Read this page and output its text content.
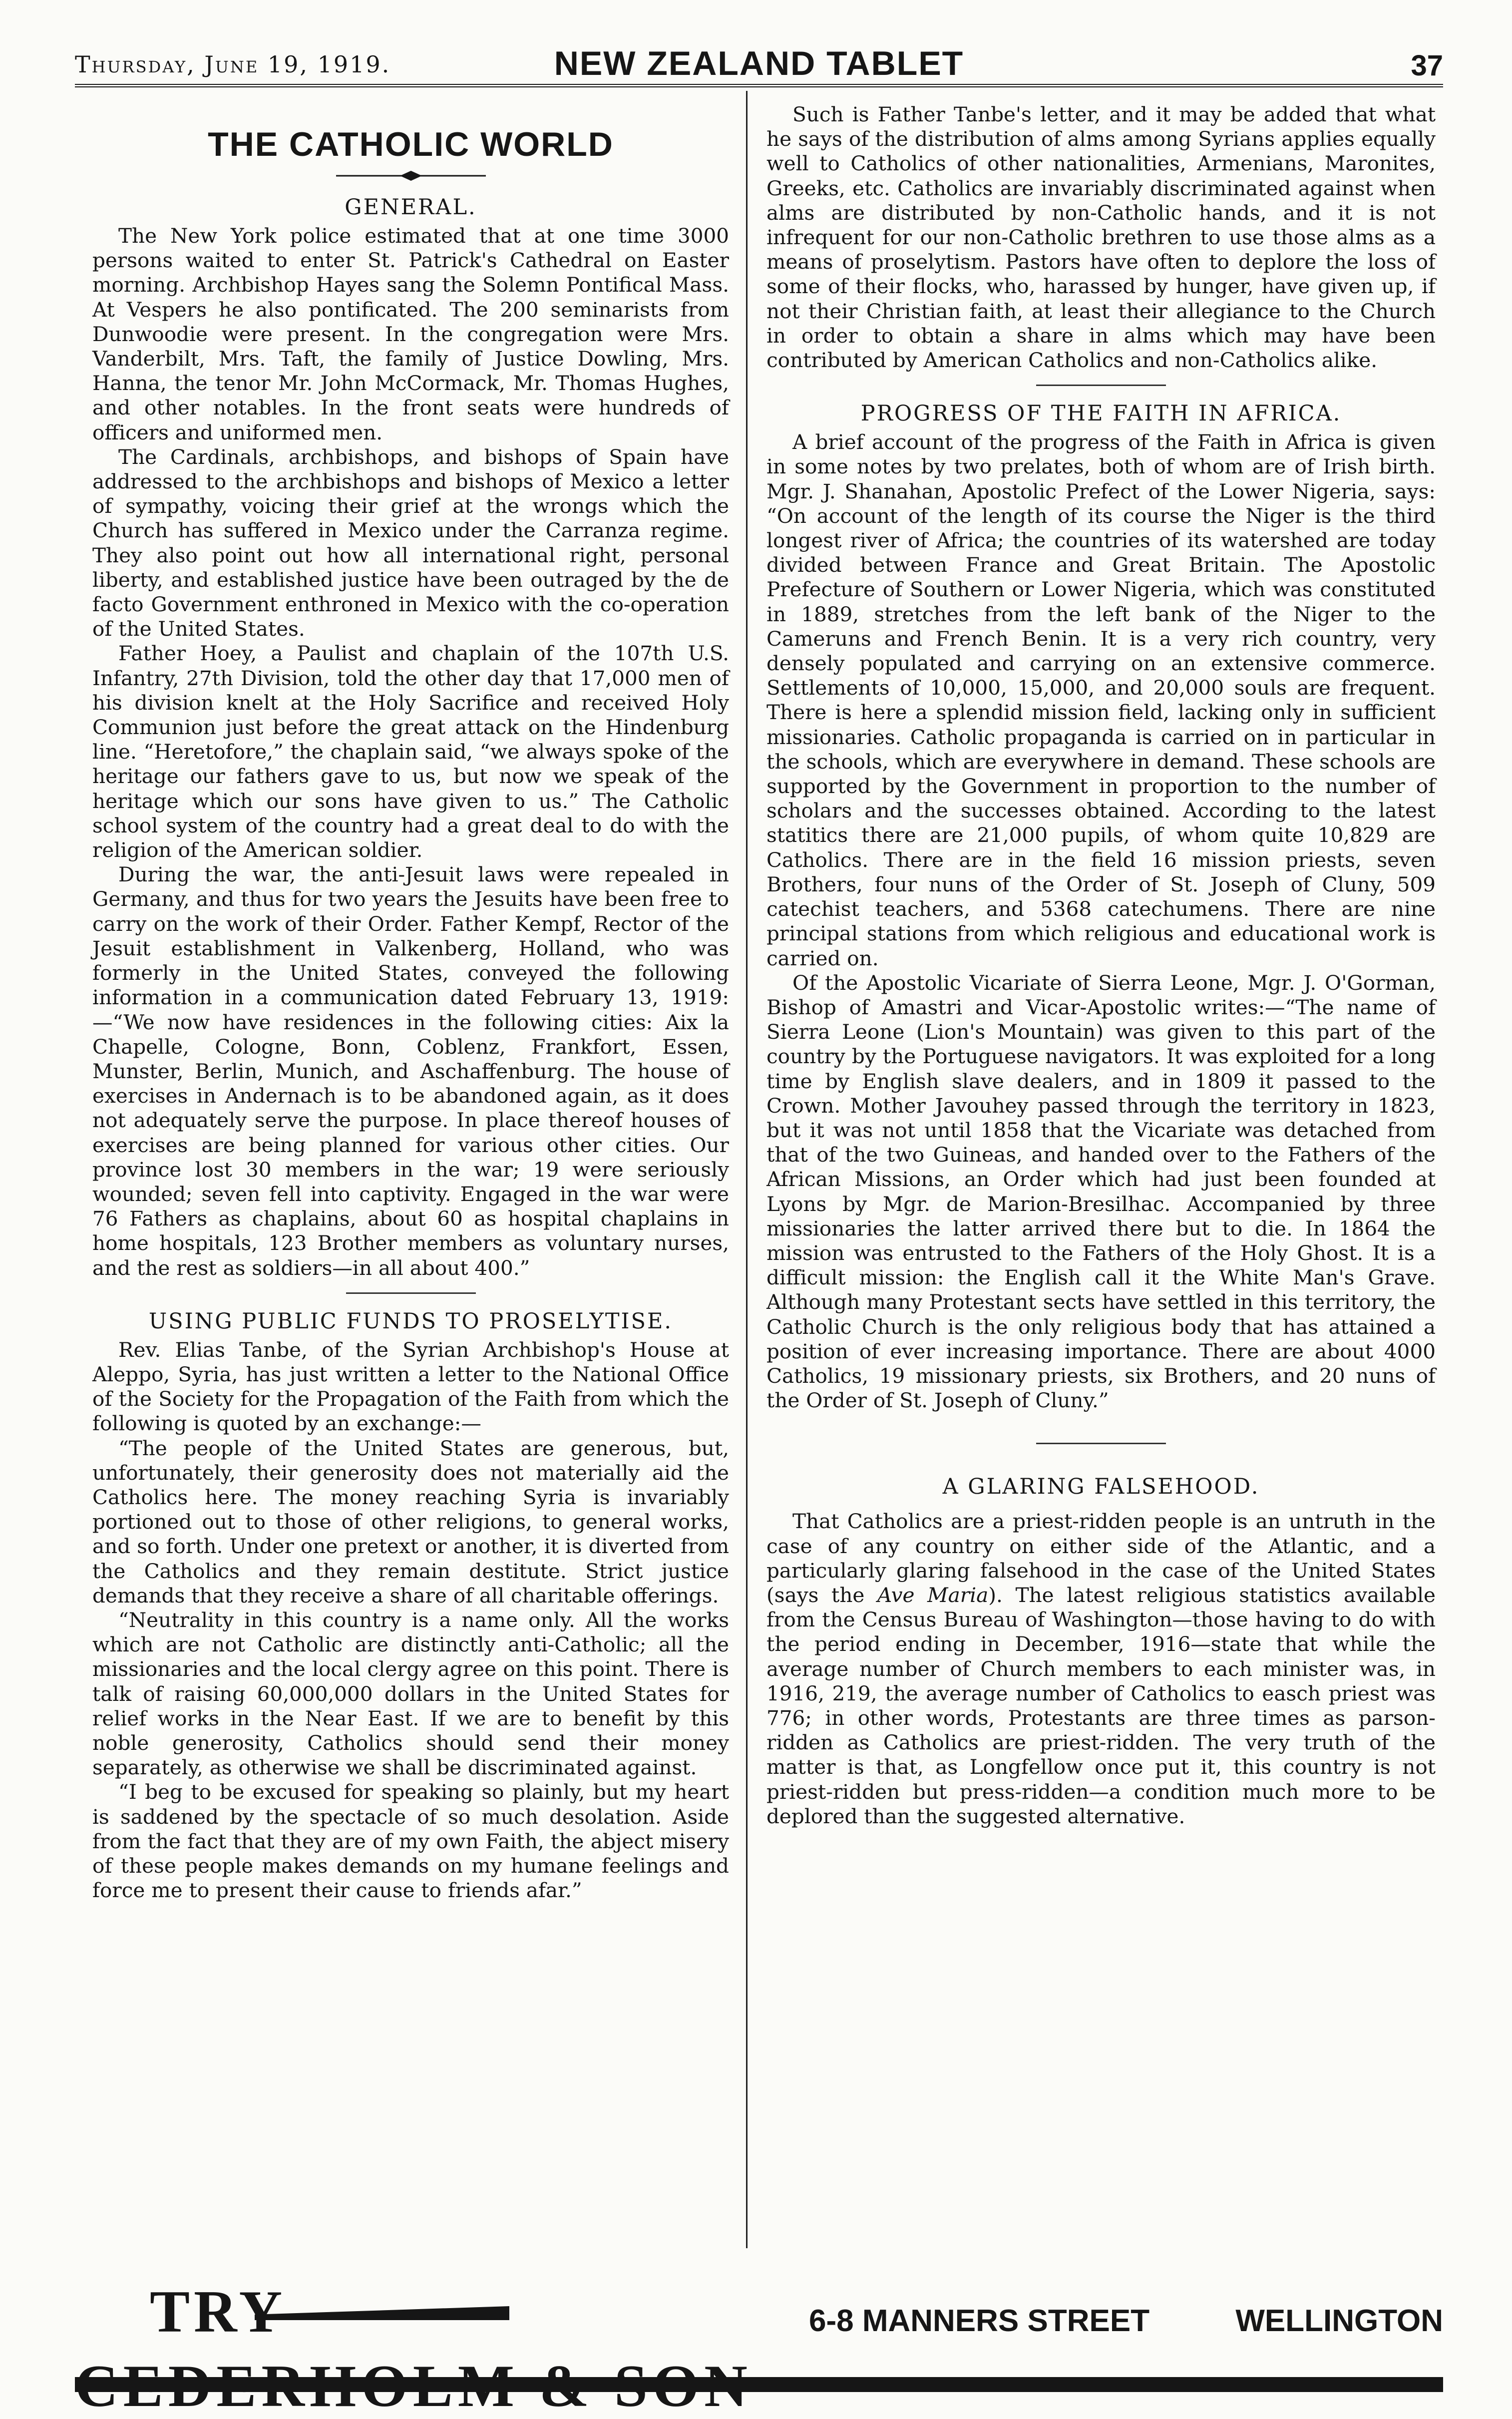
Thursday, June 19, 1919.	NEW ZEALAND TABLET	37
THE CATHOLIC WORLD
GENERAL.

The New York police estimated that at one time 3000 persons waited to enter St. Patrick's Cathedral on Easter morning. Archbishop Hayes sang the Solemn Pontifical Mass. At Vespers he also pontificated. The 200 seminarists from Dunwoodie were present. In the congregation were Mrs. Vanderbilt, Mrs. Taft, the family of Justice Dowling, Mrs. Hanna, the tenor Mr. John McCormack, Mr. Thomas Hughes, and other notables. In the front seats were hundreds of officers and uniformed men.

The Cardinals, archbishops, and bishops of Spain have addressed to the archbishops and bishops of Mexico a letter of sympathy, voicing their grief at the wrongs which the Church has suffered in Mexico under the Carranza regime. They also point out how all international right, personal liberty, and established justice have been outraged by the de facto Government enthroned in Mexico with the co-operation of the United States.

Father Hoey, a Paulist and chaplain of the 107th U.S. Infantry, 27th Division, told the other day that 17,000 men of his division knelt at the Holy Sacrifice and received Holy Communion just before the great attack on the Hindenburg line. “Heretofore,” the chaplain said, “we always spoke of the heritage our fathers gave to us, but now we speak of the heritage which our sons have given to us.” The Catholic school system of the country had a great deal to do with the religion of the American soldier.

During the war, the anti-Jesuit laws were repealed in Germany, and thus for two years the Jesuits have been free to carry on the work of their Order. Father Kempf, Rector of the Jesuit establishment in Valkenberg, Holland, who was formerly in the United States, conveyed the following information in a communication dated February 13, 1919:—“We now have residences in the following cities: Aix la Chapelle, Cologne, Bonn, Coblenz, Frankfort, Essen, Munster, Berlin, Munich, and Aschaffenburg. The house of exercises in Andernach is to be abandoned again, as it does not adequately serve the purpose. In place thereof houses of exercises are being planned for various other cities. Our province lost 30 members in the war; 19 were seriously wounded; seven fell into captivity. Engaged in the war were 76 Fathers as chaplains, about 60 as hospital chaplains in home hospitals, 123 Brother members as voluntary nurses, and the rest as soldiers—in all about 400.”

USING PUBLIC FUNDS TO PROSELYTISE.

Rev. Elias Tanbe, of the Syrian Archbishop's House at Aleppo, Syria, has just written a letter to the National Office of the Society for the Propagation of the Faith from which the following is quoted by an exchange:—

“The people of the United States are generous, but, unfortunately, their generosity does not materially aid the Catholics here. The money reaching Syria is invariably portioned out to those of other religions, to general works, and so forth. Under one pretext or another, it is diverted from the Catholics and they remain destitute. Strict justice demands that they receive a share of all charitable offerings.

“Neutrality in this country is a name only. All the works which are not Catholic are distinctly anti-Catholic; all the missionaries and the local clergy agree on this point. There is talk of raising 60,000,000 dollars in the United States for relief works in the Near East. If we are to benefit by this noble generosity, Catholics should send their money separately, as otherwise we shall be discriminated against.

“I beg to be excused for speaking so plainly, but my heart is saddened by the spectacle of so much desolation. Aside from the fact that they are of my own Faith, the abject misery of these people makes demands on my humane feelings and force me to present their cause to friends afar.”

Such is Father Tanbe's letter, and it may be added that what he says of the distribution of alms among Syrians applies equally well to Catholics of other nationalities, Armenians, Maronites, Greeks, etc. Catholics are invariably discriminated against when alms are distributed by non-Catholic hands, and it is not infrequent for our non-Catholic brethren to use those alms as a means of proselytism. Pastors have often to deplore the loss of some of their flocks, who, harassed by hunger, have given up, if not their Christian faith, at least their allegiance to the Church in order to obtain a share in alms which may have been contributed by American Catholics and non-Catholics alike.

PROGRESS OF THE FAITH IN AFRICA.

A brief account of the progress of the Faith in Africa is given in some notes by two prelates, both of whom are of Irish birth. Mgr. J. Shanahan, Apostolic Prefect of the Lower Nigeria, says: “On account of the length of its course the Niger is the third longest river of Africa; the countries of its watershed are today divided between France and Great Britain. The Apostolic Prefecture of Southern or Lower Nigeria, which was constituted in 1889, stretches from the left bank of the Niger to the Cameruns and French Benin. It is a very rich country, very densely populated and carrying on an extensive commerce. Settlements of 10,000, 15,000, and 20,000 souls are frequent. There is here a splendid mission field, lacking only in sufficient missionaries. Catholic propaganda is carried on in particular in the schools, which are everywhere in demand. These schools are supported by the Government in proportion to the number of scholars and the successes obtained. According to the latest statitics there are 21,000 pupils, of whom quite 10,829 are Catholics. There are in the field 16 mission priests, seven Brothers, four nuns of the Order of St. Joseph of Cluny, 509 catechist teachers, and 5368 catechumens. There are nine principal stations from which religious and educational work is carried on.

Of the Apostolic Vicariate of Sierra Leone, Mgr. J. O'Gorman, Bishop of Amastri and Vicar-Apostolic writes:—“The name of Sierra Leone (Lion's Mountain) was given to this part of the country by the Portuguese navigators. It was exploited for a long time by English slave dealers, and in 1809 it passed to the Crown. Mother Javouhey passed through the territory in 1823, but it was not until 1858 that the Vicariate was detached from that of the two Guineas, and handed over to the Fathers of the African Missions, an Order which had just been founded at Lyons by Mgr. de Marion-Bresilhac. Accompanied by three missionaries the latter arrived there but to die. In 1864 the mission was entrusted to the Fathers of the Holy Ghost. It is a difficult mission: the English call it the White Man's Grave. Although many Protestant sects have settled in this territory, the Catholic Church is the only religious body that has attained a position of ever increasing importance. There are about 4000 Catholics, 19 missionary priests, six Brothers, and 20 nuns of the Order of St. Joseph of Cluny.”

A GLARING FALSEHOOD.

That Catholics are a priest-ridden people is an untruth in the case of any country on either side of the Atlantic, and a particularly glaring falsehood in the case of the United States (says the Ave Maria). The latest religious statistics available from the Census Bureau of Washington—those having to do with the period ending in December, 1916—state that while the average number of Church members to each minister was, in 1916, 219, the average number of Catholics to easch priest was 776; in other words, Protestants are three times as parson-ridden as Catholics are priest-ridden. The very truth of the matter is that, as Longfellow once put it, this country is not priest-ridden but press-ridden—a condition much more to be deplored than the suggested alternative.

TRY	6-8 MANNERS STREET	WELLINGTON
